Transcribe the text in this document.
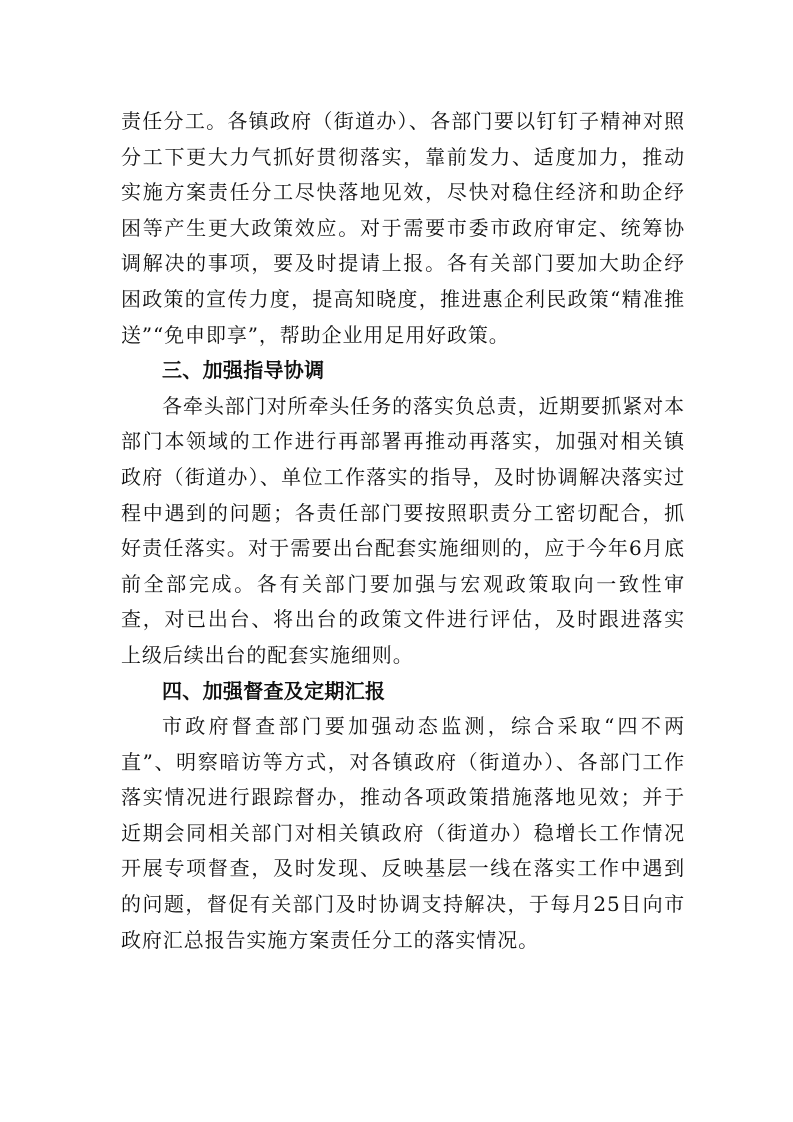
责任分工。各镇政府（街道办）、各部门要以钉钉子精神对照分工下更大力气抓好贯彻落实，靠前发力、适度加力，推动实施方案责任分工尽快落地见效，尽快对稳住经济和助企纾困等产生更大政策效应。对于需要市委市政府审定、统筹协调解决的事项，要及时提请上报。各有关部门要加大助企纾困政策的宣传力度，提高知晓度，推进惠企利民政策“精准推送”“免申即享”，帮助企业用足用好政策。

三、加强指导协调

各牵头部门对所牵头任务的落实负总责，近期要抓紧对本部门本领域的工作进行再部署再推动再落实，加强对相关镇政府（街道办）、单位工作落实的指导，及时协调解决落实过程中遇到的问题；各责任部门要按照职责分工密切配合，抓好责任落实。对于需要出台配套实施细则的，应于今年6月底前全部完成。各有关部门要加强与宏观政策取向一致性审查，对已出台、将出台的政策文件进行评估，及时跟进落实上级后续出台的配套实施细则。

四、加强督查及定期汇报

市政府督查部门要加强动态监测，综合采取“四不两直”、明察暗访等方式，对各镇政府（街道办）、各部门工作落实情况进行跟踪督办，推动各项政策措施落地见效；并于近期会同相关部门对相关镇政府（街道办）稳增长工作情况开展专项督查，及时发现、反映基层一线在落实工作中遇到的问题，督促有关部门及时协调支持解决，于每月25日向市政府汇总报告实施方案责任分工的落实情况。
